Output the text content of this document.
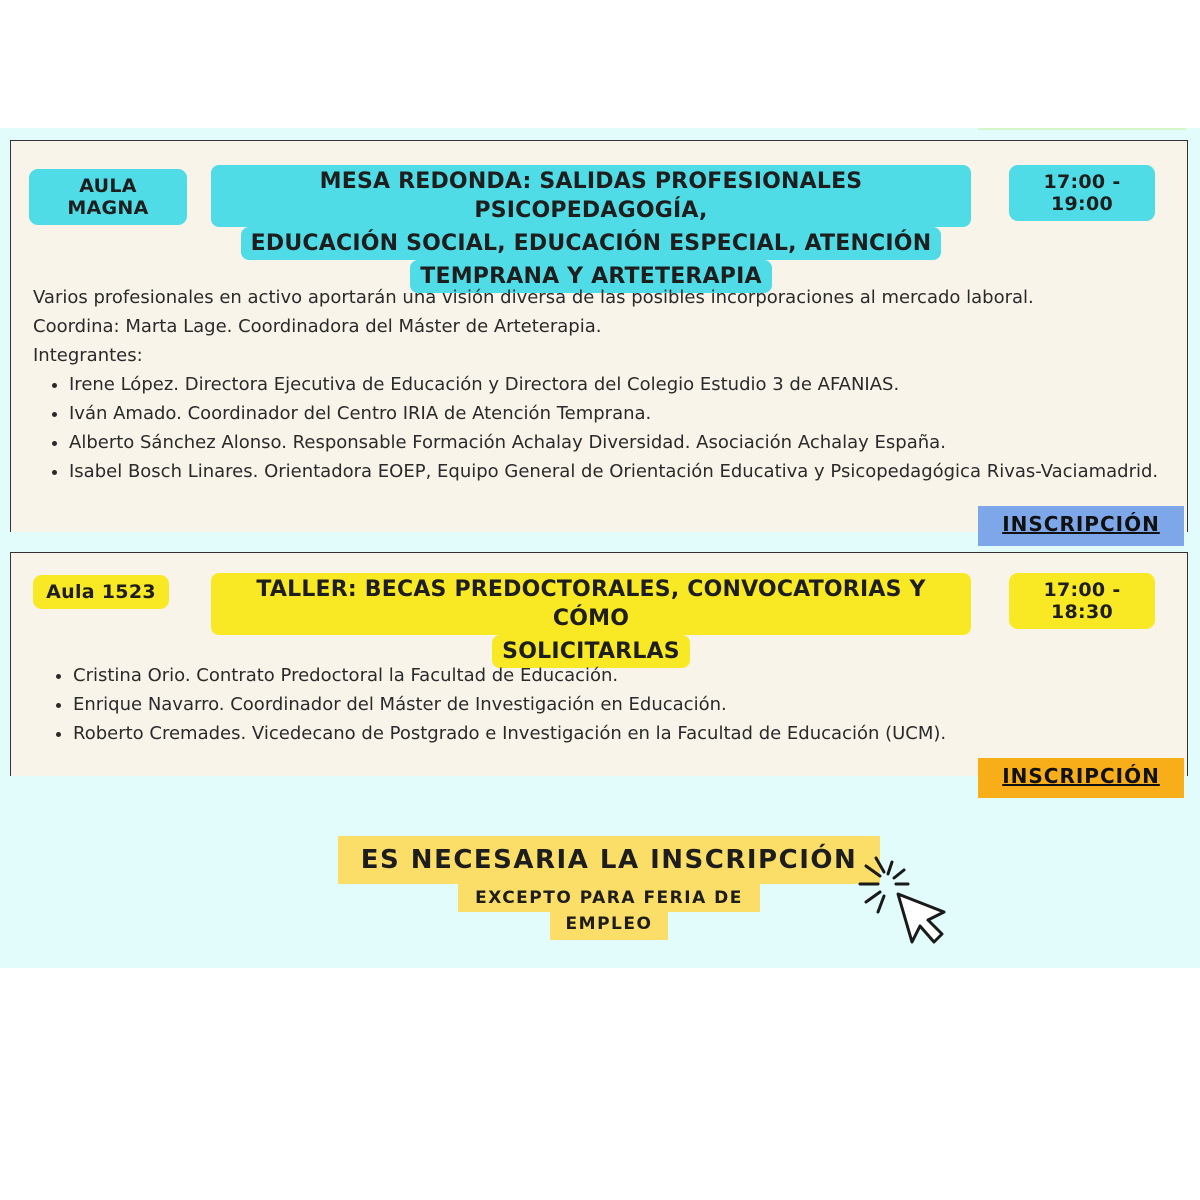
AULA MAGNA
17:00 - 19:00
MESA REDONDA: SALIDAS PROFESIONALES PSICOPEDAGOGÍA,
EDUCACIÓN SOCIAL, EDUCACIÓN ESPECIAL, ATENCIÓN
TEMPRANA Y ARTETERAPIA

Varios profesionales en activo aportarán una visión diversa de las posibles incorporaciones al mercado laboral.

Coordina: Marta Lage. Coordinadora del Máster de Arteterapia.

Integrantes:

• Irene López. Directora Ejecutiva de Educación y Directora del Colegio Estudio 3 de AFANIAS.
• Iván Amado. Coordinador del Centro IRIA de Atención Temprana.
• Alberto Sánchez Alonso. Responsable Formación Achalay Diversidad. Asociación Achalay España.
• Isabel Bosch Linares. Orientadora EOEP, Equipo General de Orientación Educativa y Psicopedagógica Rivas-Vaciamadrid.
INSCRIPCIÓN
Aula 1523	17:00 - 18:30
TALLER: BECAS PREDOCTORALES, CONVOCATORIAS Y CÓMO
SOLICITARLAS
• Cristina Orio. Contrato Predoctoral la Facultad de Educación.
• Enrique Navarro. Coordinador del Máster de Investigación en Educación.
• Roberto Cremades. Vicedecano de Postgrado e Investigación en la Facultad de Educación (UCM).
INSCRIPCIÓN
ES NECESARIA LA INSCRIPCIÓN
EXCEPTO PARA FERIA DE
EMPLEO
